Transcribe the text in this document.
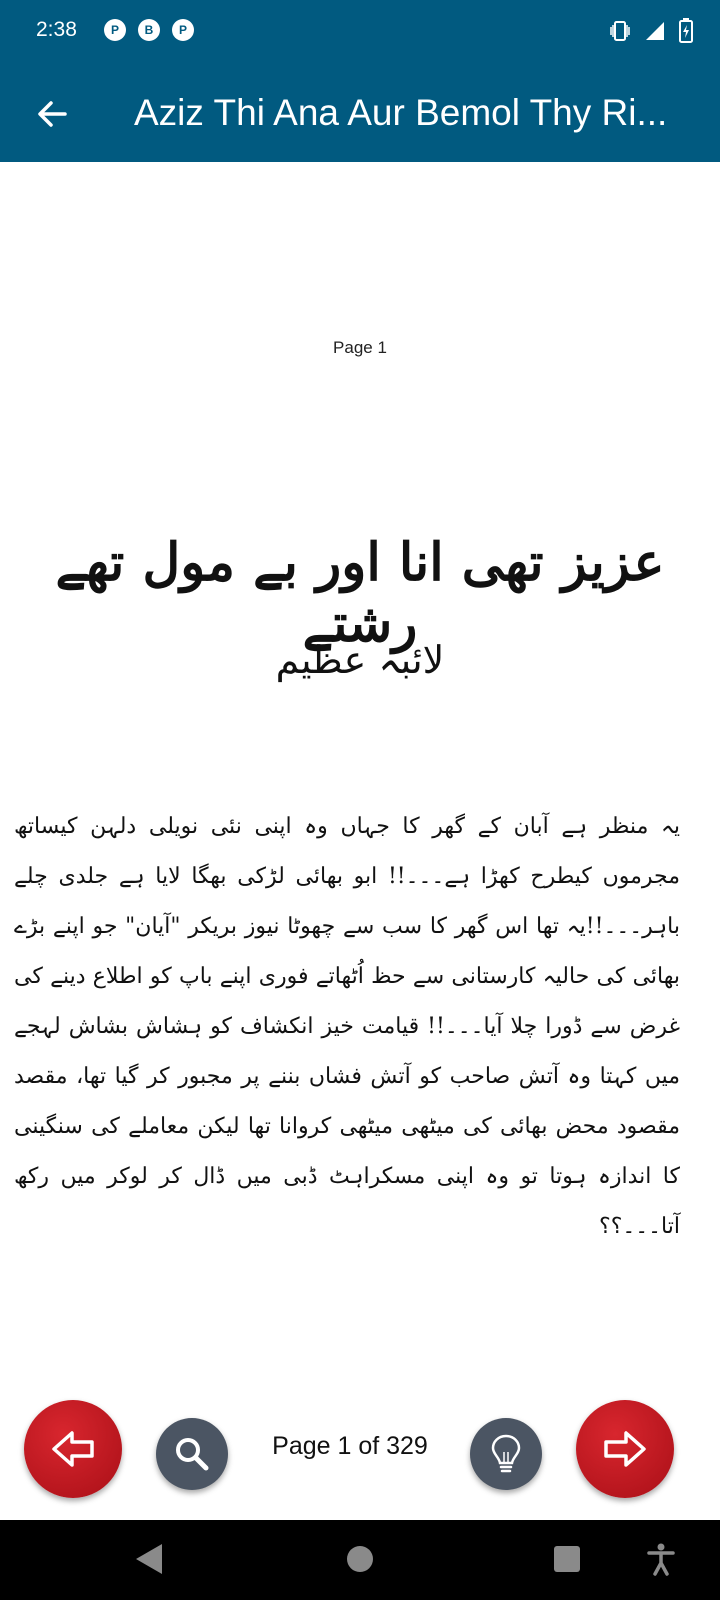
2:38	P	B	P
Aziz Thi Ana Aur Bemol Thy Ri...
Page 1
عزیز تھی انا اور بے مول تھے رشتے
لائبہ عظیم
یہ منظر ہے آبان کے گھر کا جہاں وہ اپنی نئی نویلی دلہن کیساتھ مجرموں کیطرح کھڑا ہے۔۔۔!! ابو بھائی لڑکی بھگا لایا ہے جلدی چلے باہر۔۔۔!!یہ تھا اس گھر کا سب سے چھوٹا نیوز بریکر "آیان" جو اپنے بڑے بھائی کی حالیہ کارستانی سے حظ اُٹھاتے فوری اپنے باپ کو اطلاع دینے کی غرض سے ڈورا چلا آیا۔۔۔!! قیامت خیز انکشاف کو ہشاش بشاش لہجے میں کہتا وہ آتش صاحب کو آتش فشاں بننے پر مجبور کر گیا تھا، مقصد مقصود محض بھائی کی میٹھی میٹھی کروانا تھا لیکن معاملے کی سنگینی کا اندازہ ہوتا تو وہ اپنی مسکراہٹ ڈبی میں ڈال کر لوکر میں رکھ آتا۔۔۔؟؟
Page 1 of 329
